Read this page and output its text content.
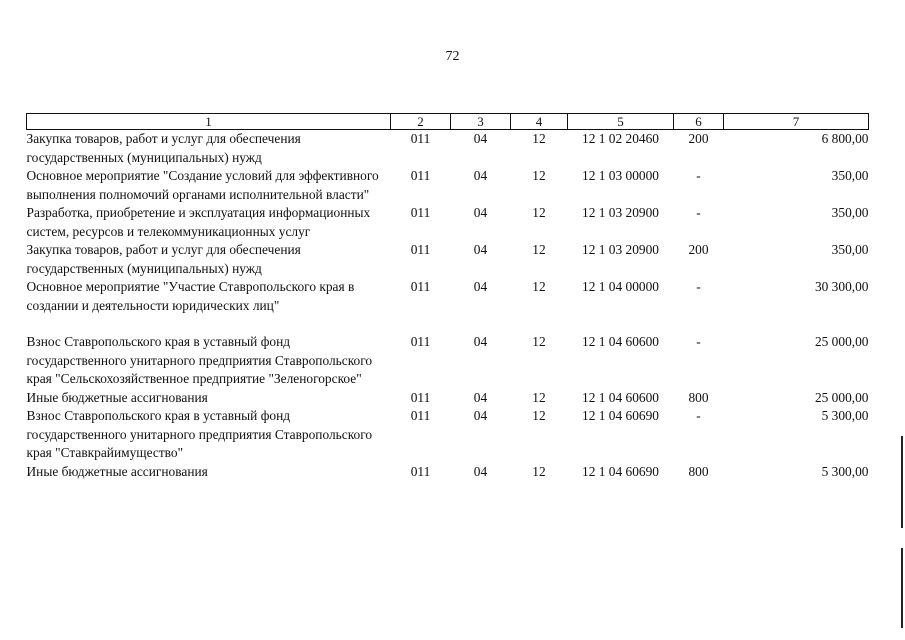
72
1	2	3	4	5	6	7
Закупка товаров, работ и услуг для обеспечения государственных (муниципальных) нужд	011	04	12	12 1 02 20460	200	6 800,00
Основное мероприятие "Создание условий для эффективного выполнения полномочий органами исполнительной власти"	011	04	12	12 1 03 00000	-	350,00
Разработка, приобретение и эксплуатация информационных систем, ресурсов и телекоммуникационных услуг	011	04	12	12 1 03 20900	-	350,00
Закупка товаров, работ и услуг для обеспечения государственных (муниципальных) нужд	011	04	12	12 1 03 20900	200	350,00
Основное мероприятие "Участие Ставропольского края в создании и деятельности юридических лиц"	011	04	12	12 1 04 00000	-	30 300,00

Взнос Ставропольского края в уставный фонд государственного унитарного предприятия Ставропольского края "Сельскохозяйственное предприятие "Зеленогорское"	011	04	12	12 1 04 60600	-	25 000,00
Иные бюджетные ассигнования	011	04	12	12 1 04 60600	800	25 000,00
Взнос Ставропольского края в уставный фонд государственного унитарного предприятия Ставропольского края "Ставкрайимущество"	011	04	12	12 1 04 60690	-	5 300,00
Иные бюджетные ассигнования	011	04	12	12 1 04 60690	800	5 300,00
